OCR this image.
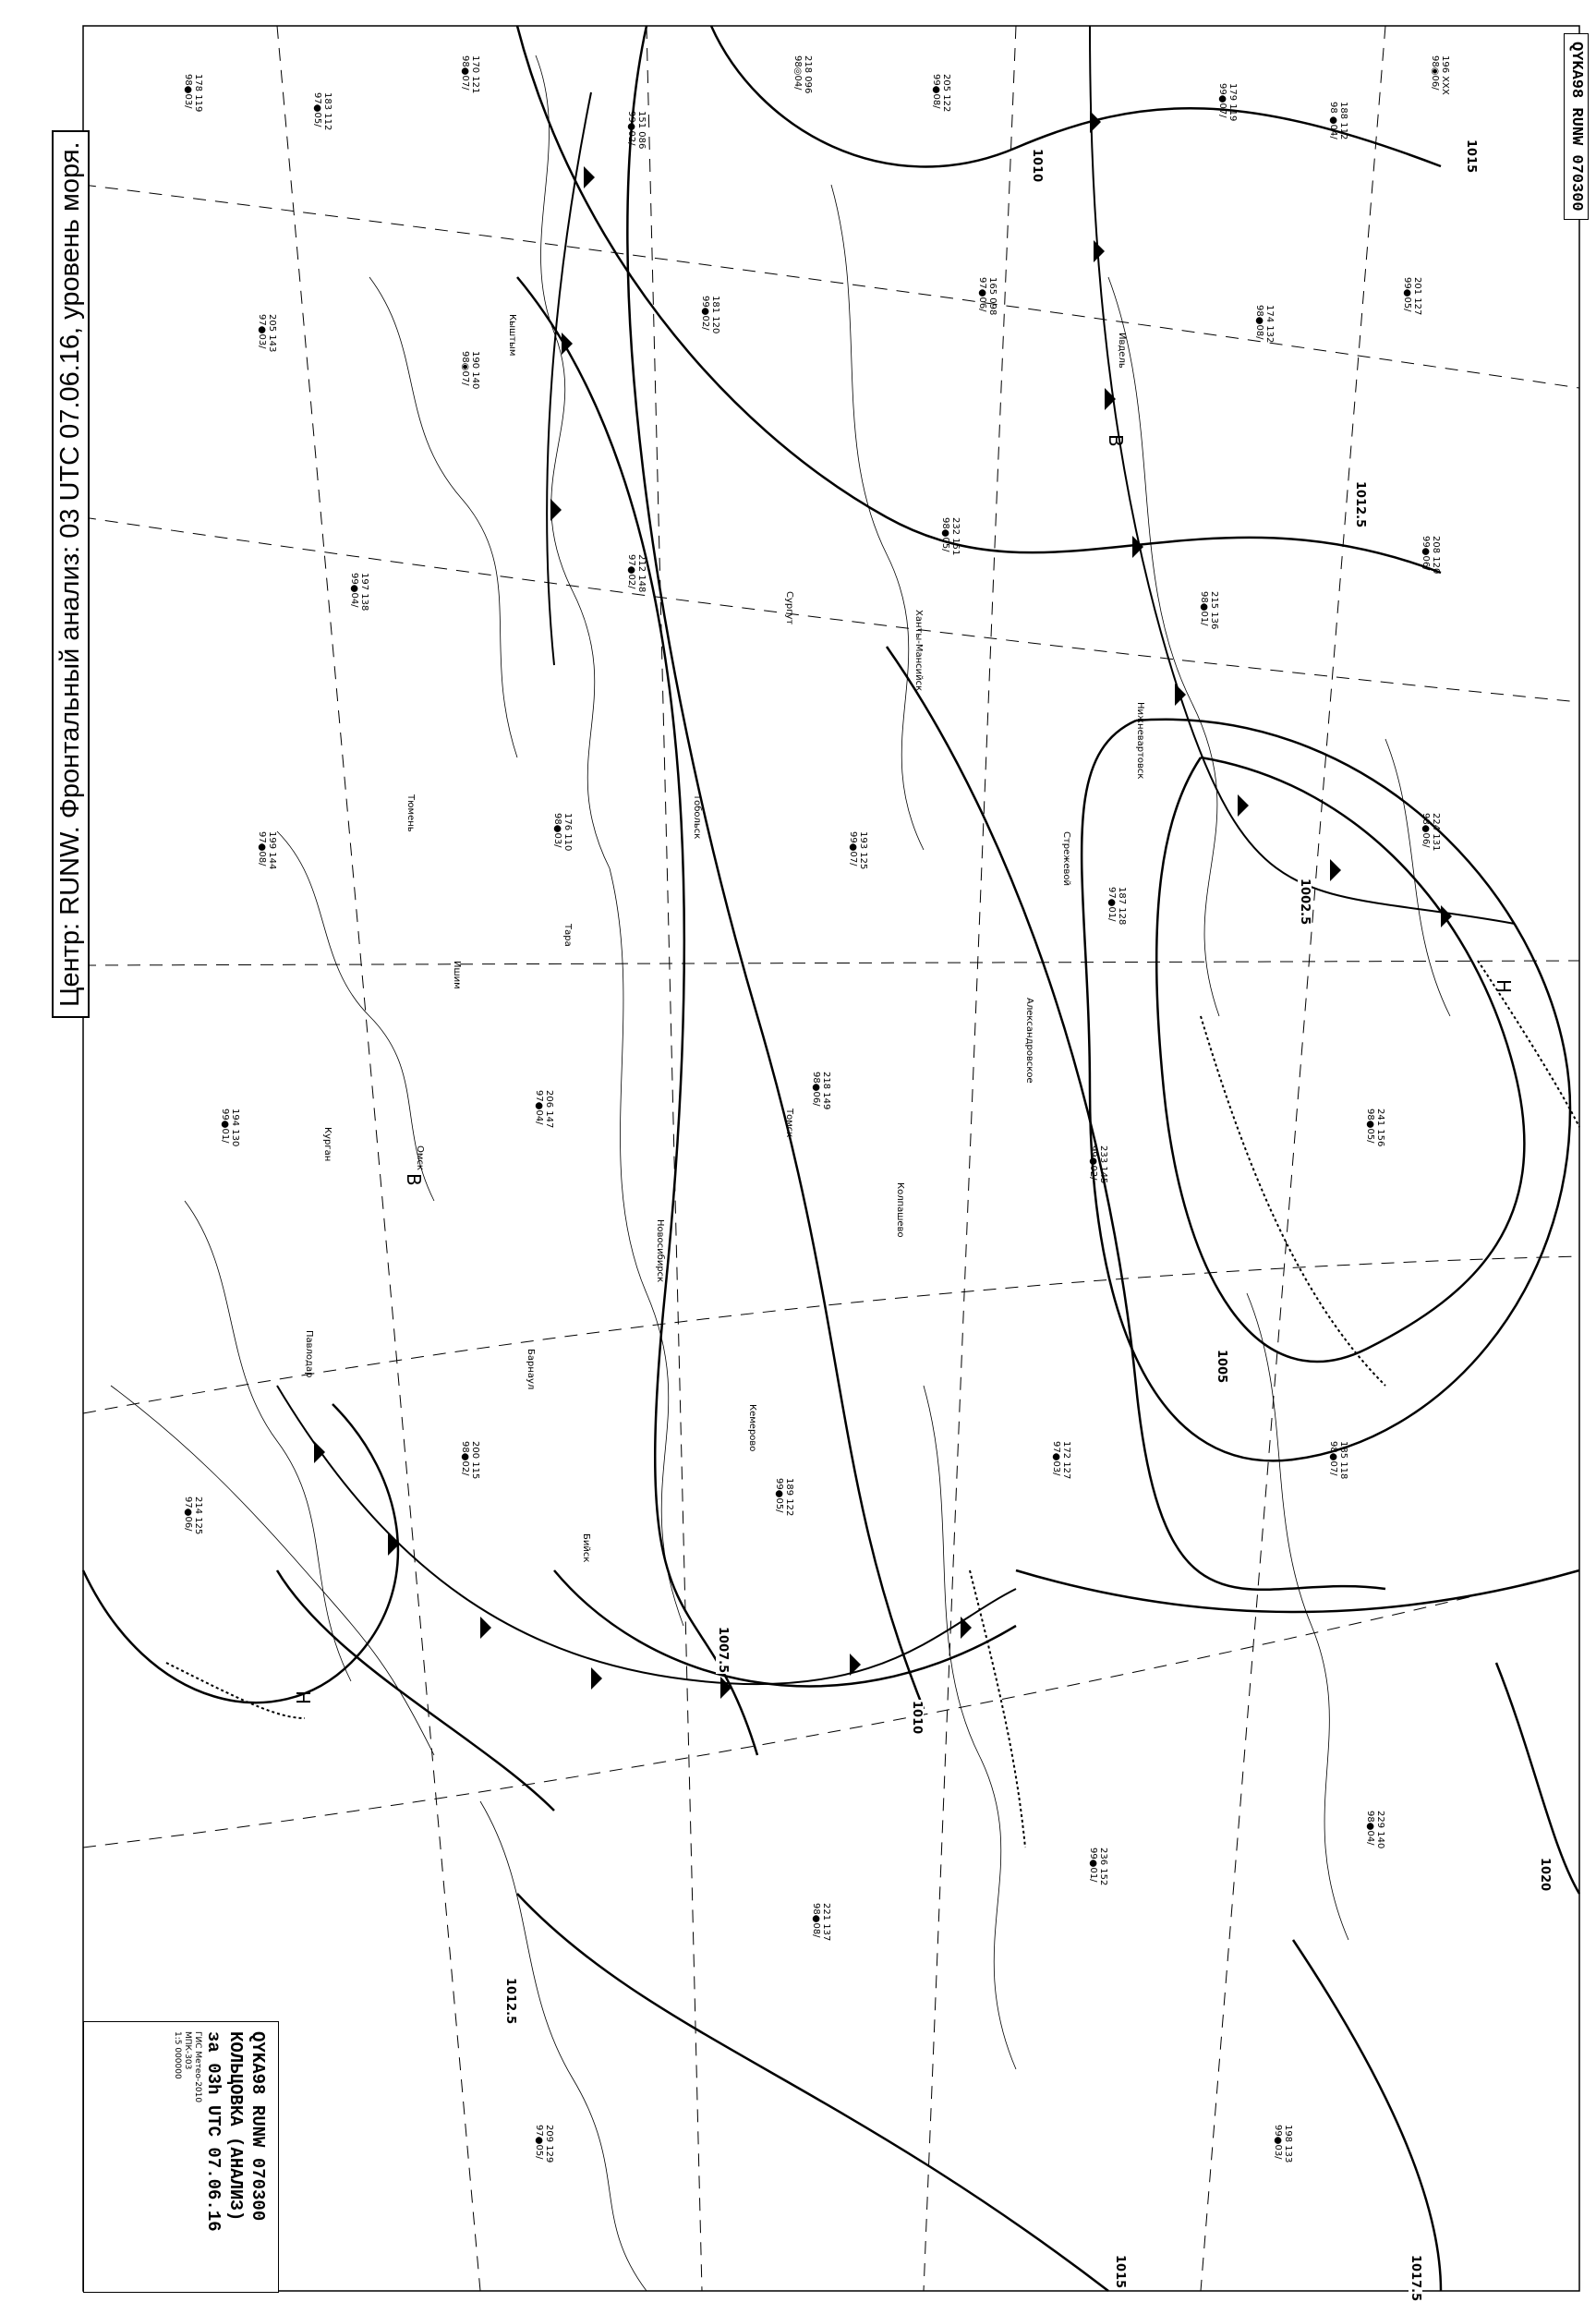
Центр: RUNW. Фронтальный анализ: 03 UTC 07.06.16, уровень моря.
QYKA98 RUNW 070300
QYKA98 RUNW 070300
КОЛЬЦОВКА (АНАЛИЗ)
за 03h UTC 07.06.16
ГИС Метео-2010
МПК-303
1:5 000000
1015
1012.5
1010
1007.5
1005
1002.5
1010
1012.5
1015	1017.5
1020
В
Н
Н
В
Ивдель
Кыштым
Сургут
Ханты-Мансийск
Тобольск
Омск
Новосибирск
Барнаул
Томск
Колпашево
Александровское
Ишим
Курган
Тюмень
Кемерово
Бийск
Павлодар
Тара
Стрежевой
Нижневартовск
196 XXX
98◉06/
188 112
98 ●04/
179 119
99●07/
205 122
99●08/
218 096
98◎04/
151 086
99●02/
170 121
98●07/
183 112
97●05/
178 119
98●03/
201 127
99●05/
174 132
98●08/
165 098
97●06/
181 120
99●02/
190 140
98◉07/
205 143
97●03/
208 120
99●06/
215 136
98●01/
232 151
98●05/
212 148
97●02/
197 138
99●04/
224 131
98●06/
187 128
97●01/
193 125
99●07/
176 110
98●03/
199 144
97●08/
241 156
98●05/
233 145
99●02/
218 149
98●06/
206 147
97●04/
194 130
99●01/
185 118
98●07/
172 127
97●03/
189 122
99●05/
200 115
98●02/
214 125
97●06/
229 140
98●04/
236 152
99●01/
221 137
98●08/
209 129
97●05/	198 133
99●03/
